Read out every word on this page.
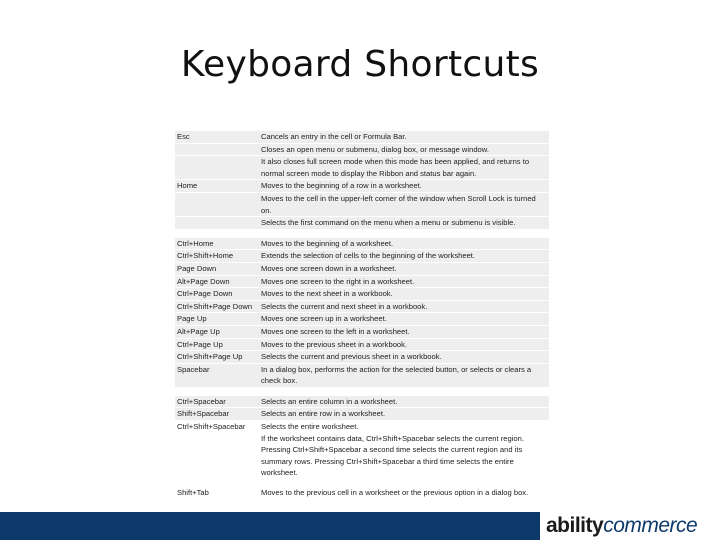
Keyboard Shortcuts
Esc	Cancels an entry in the cell or Formula Bar.
	Closes an open menu or submenu, dialog box, or message window.
	It also closes full screen mode when this mode has been applied, and returns to normal screen mode to display the Ribbon and status bar again.
Home	Moves to the beginning of a row in a worksheet.
	Moves to the cell in the upper-left corner of the window when Scroll Lock is turned on.
	Selects the first command on the menu when a menu or submenu is visible.

Ctrl+Home	Moves to the beginning of a worksheet.
Ctrl+Shift+Home	Extends the selection of cells to the beginning of the worksheet.
Page Down	Moves one screen down in a worksheet.
Alt+Page Down	Moves one screen to the right in a worksheet.
Ctrl+Page Down	Moves to the next sheet in a workbook.
Ctrl+Shift+Page Down	Selects the current and next sheet in a workbook.
Page Up	Moves one screen up in a worksheet.
Alt+Page Up	Moves one screen to the left in a worksheet.
Ctrl+Page Up	Moves to the previous sheet in a workbook.
Ctrl+Shift+Page Up	Selects the current and previous sheet in a workbook.
Spacebar	In a dialog box, performs the action for the selected button, or selects or clears a check box.

Ctrl+Spacebar	Selects an entire column in a worksheet.
Shift+Spacebar	Selects an entire row in a worksheet.
Ctrl+Shift+Spacebar	Selects the entire worksheet.
	If the worksheet contains data, Ctrl+Shift+Spacebar selects the current region. Pressing Ctrl+Shift+Spacebar a second time selects the current region and its summary rows. Pressing Ctrl+Shift+Spacebar a third time selects the entire worksheet.

Shift+Tab	Moves to the previous cell in a worksheet or the previous option in a dialog box.
abilitycommerce
